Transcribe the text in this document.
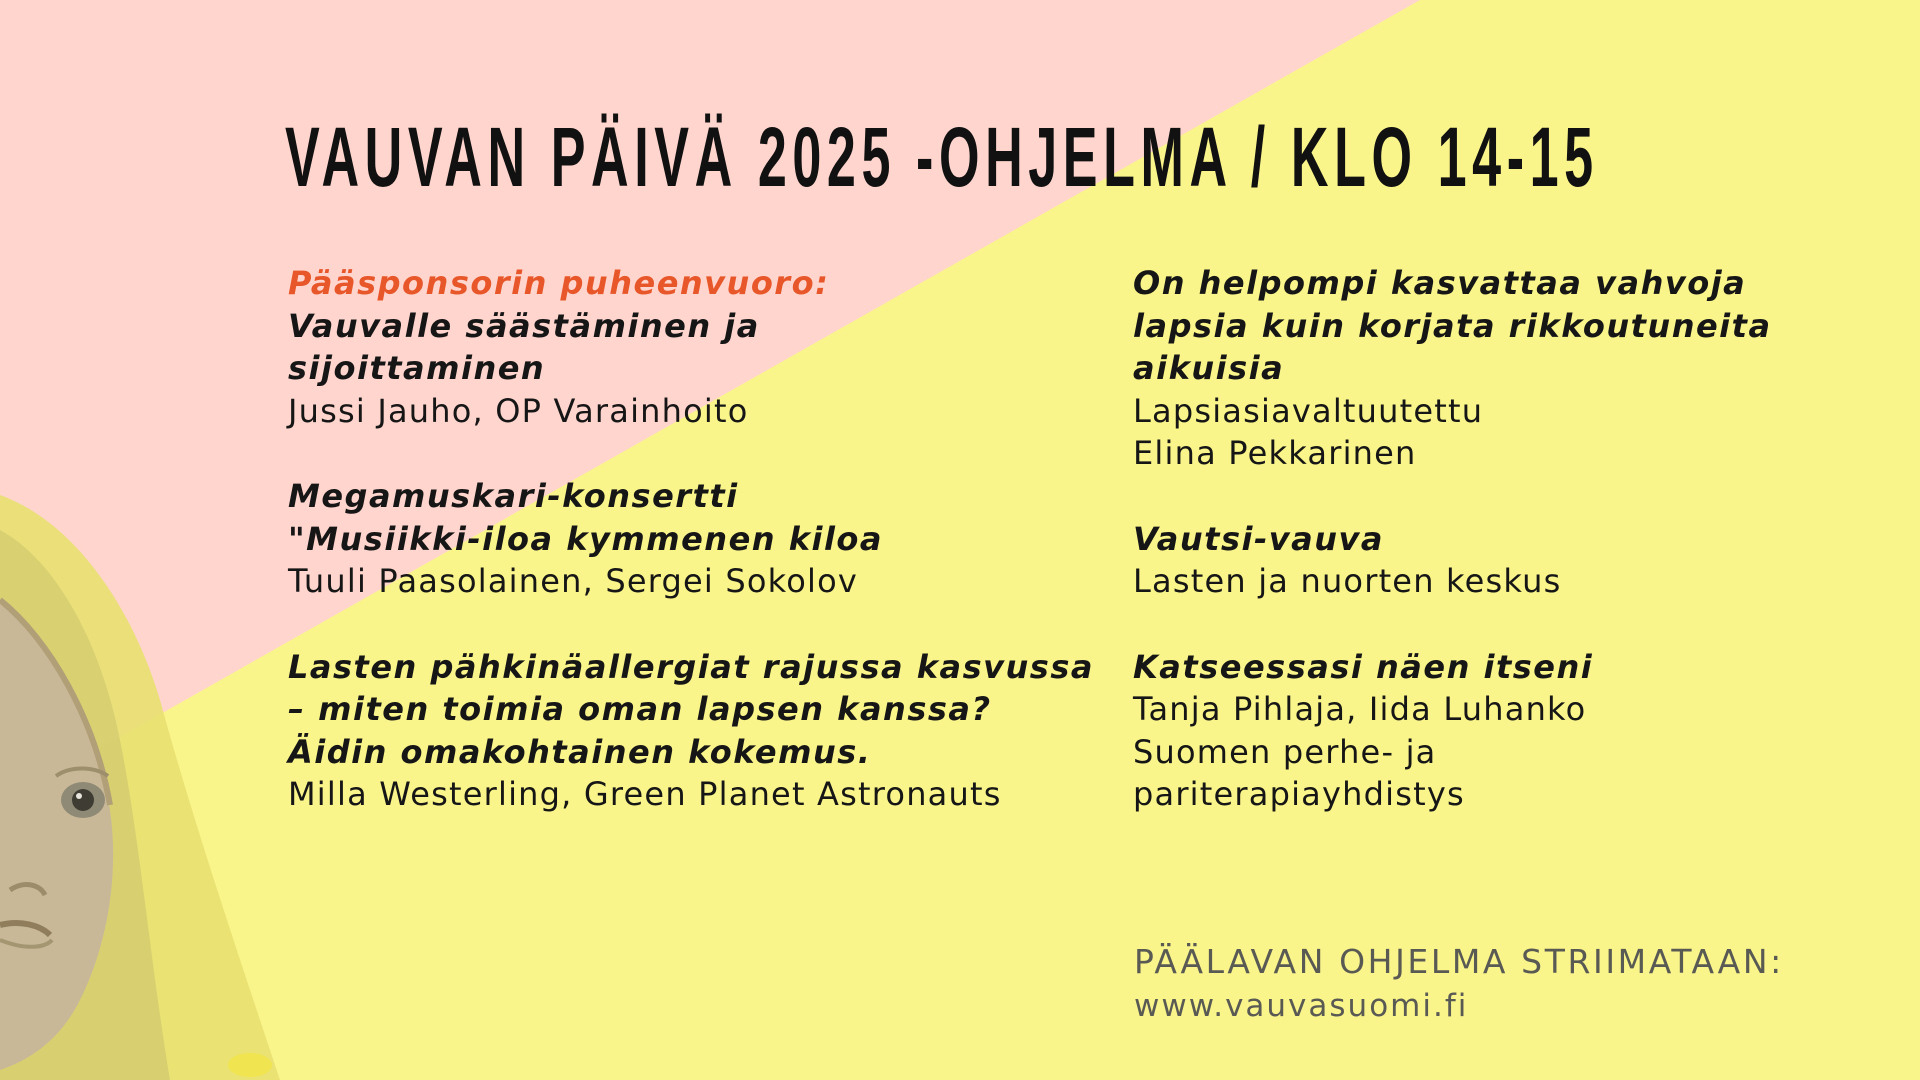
VAUVAN PÄIVÄ 2025 -OHJELMA / KLO 14-15
Pääsponsorin puheenvuoro:
Vauvalle säästäminen ja
sijoittaminen
Jussi Jauho, OP Varainhoito
Megamuskari-konsertti
"Musiikki-iloa kymmenen kiloa
Tuuli Paasolainen, Sergei Sokolov
Lasten pähkinäallergiat rajussa kasvussa
– miten toimia oman lapsen kanssa?
Äidin omakohtainen kokemus.
Milla Westerling, Green Planet Astronauts
On helpompi kasvattaa vahvoja
lapsia kuin korjata rikkoutuneita
aikuisia
Lapsiasiavaltuutettu
Elina Pekkarinen
Vautsi-vauva
Lasten ja nuorten keskus
Katseessasi näen itseni
Tanja Pihlaja, Iida Luhanko
Suomen perhe- ja
pariterapiayhdistys
PÄÄLAVAN OHJELMA STRIIMATAAN:
www.vauvasuomi.fi
